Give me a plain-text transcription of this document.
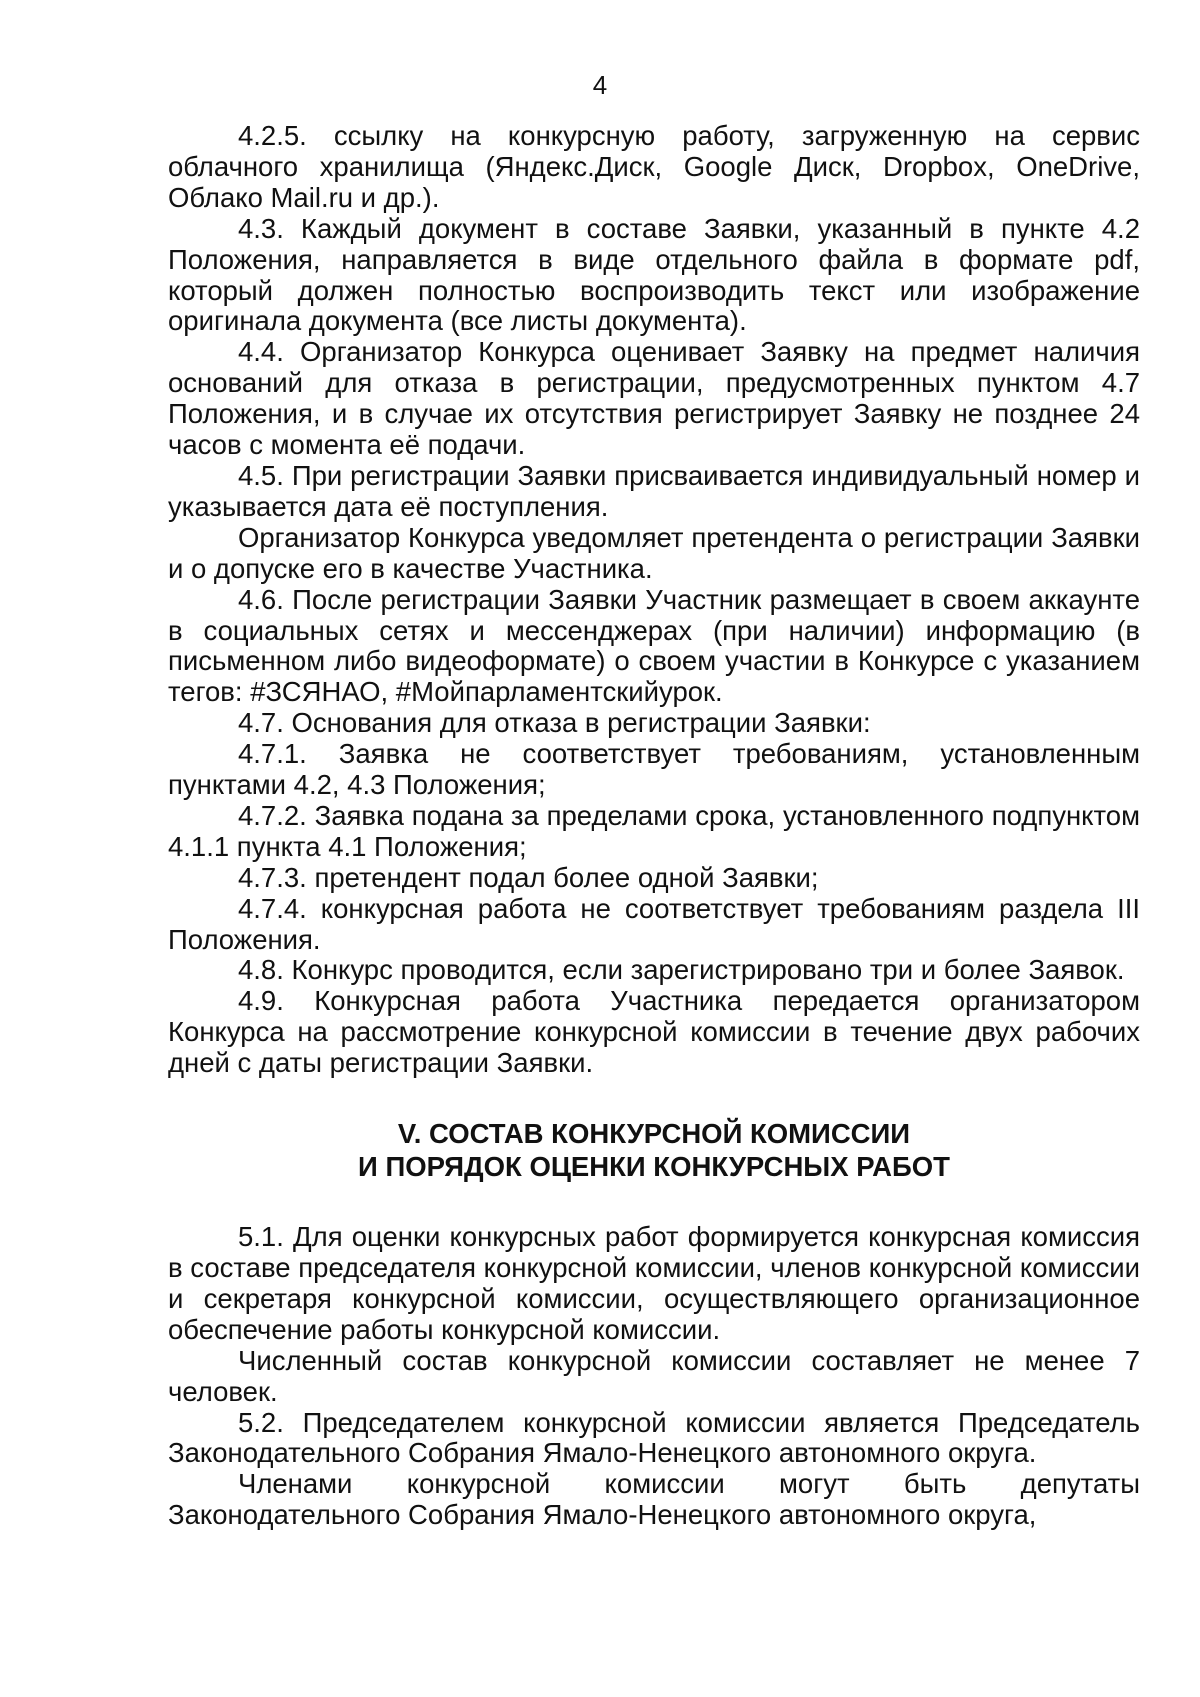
4

4.2.5. ссылку на конкурсную работу, загруженную на сервис облачного хранилища (Яндекс.Диск, Google Диск, Dropbox, OneDrive, Облако Mail.ru и др.).

4.3. Каждый документ в составе Заявки, указанный в пункте 4.2 Положения, направляется в виде отдельного файла в формате pdf, который должен полностью воспроизводить текст или изображение оригинала документа (все листы документа).

4.4. Организатор Конкурса оценивает Заявку на предмет наличия оснований для отказа в регистрации, предусмотренных пунктом 4.7 Положения, и в случае их отсутствия регистрирует Заявку не позднее 24 часов с момента её подачи.

4.5. При регистрации Заявки присваивается индивидуальный номер и указывается дата её поступления.

Организатор Конкурса уведомляет претендента о регистрации Заявки и о допуске его в качестве Участника.

4.6. После регистрации Заявки Участник размещает в своем аккаунте в социальных сетях и мессенджерах (при наличии) информацию (в письменном либо видеоформате) о своем участии в Конкурсе с указанием тегов: #ЗСЯНАО, #Мойпарламентскийурок.

4.7. Основания для отказа в регистрации Заявки:

4.7.1. Заявка не соответствует требованиям, установленным пунктами 4.2, 4.3 Положения;

4.7.2. Заявка подана за пределами срока, установленного подпунктом 4.1.1 пункта 4.1 Положения;

4.7.3. претендент подал более одной Заявки;

4.7.4. конкурсная работа не соответствует требованиям раздела III Положения.

4.8. Конкурс проводится, если зарегистрировано три и более Заявок.

4.9. Конкурсная работа Участника передается организатором Конкурса на рассмотрение конкурсной комиссии в течение двух рабочих дней с даты регистрации Заявки.

V. СОСТАВ КОНКУРСНОЙ КОМИССИИ
И ПОРЯДОК ОЦЕНКИ КОНКУРСНЫХ РАБОТ

5.1. Для оценки конкурсных работ формируется конкурсная комиссия в составе председателя конкурсной комиссии, членов конкурсной комиссии и секретаря конкурсной комиссии, осуществляющего организационное обеспечение работы конкурсной комиссии.

Численный состав конкурсной комиссии составляет не менее 7 человек.

5.2. Председателем конкурсной комиссии является Председатель Законодательного Собрания Ямало-Ненецкого автономного округа.

Членами конкурсной комиссии могут быть депутаты Законодательного Собрания Ямало-Ненецкого автономного округа,
